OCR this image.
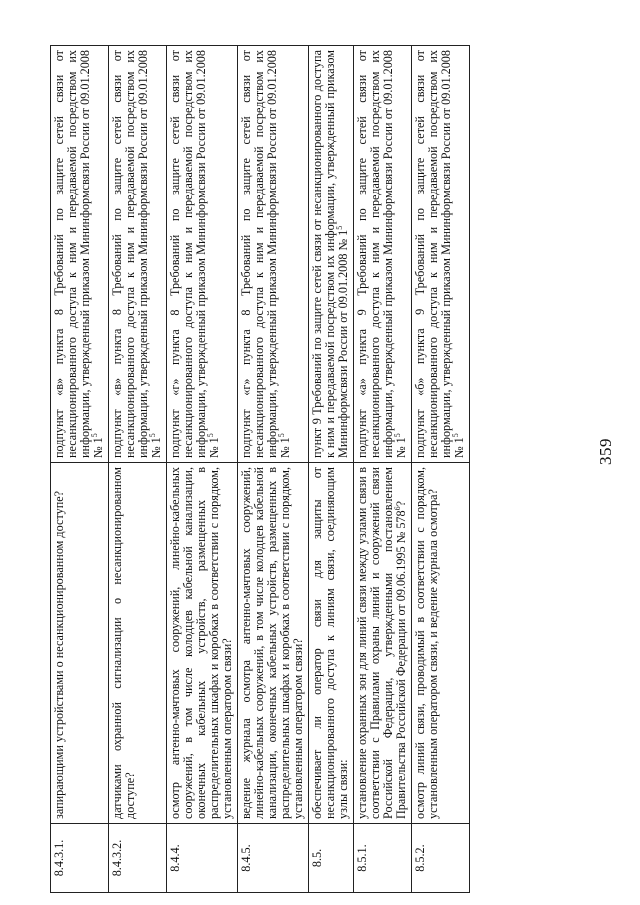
359
8.4.3.1.	запирающими устройствами о несанкционированном доступе?	подпункт «в» пункта 8 Требований по защите сетей связи от несанкционированного доступа к ним и передаваемой посредством их информации, утвержденный приказом Мининформсвязи России от 09.01.2008 № $1^5$
8.4.3.2.	датчиками охранной сигнализации о несанкционированном доступе?	подпункт «в» пункта 8 Требований по защите сетей связи от несанкционированного доступа к ним и передаваемой посредством их информации, утвержденный приказом Мининформсвязи России от 09.01.2008 № $1^5$
8.4.4.	осмотр антенно-мачтовых сооружений, линейно-кабельных сооружений, в том числе колодцев кабельной канализации, оконечных кабельных устройств, размещенных в распределительных шкафах и коробках в соответствии с порядком, установленным оператором связи?	подпункт «г» пункта 8 Требований по защите сетей связи от несанкционированного доступа к ним и передаваемой посредством их информации, утвержденный приказом Мининформсвязи России от 09.01.2008 № $1^5$
8.4.5.	ведение журнала осмотра антенно-мачтовых сооружений, линейно-кабельных сооружений, в том числе колодцев кабельной канализации, оконечных кабельных устройств, размещенных в распределительных шкафах и коробках в соответствии с порядком, установленным оператором связи?	подпункт «г» пункта 8 Требований по защите сетей связи от несанкционированного доступа к ним и передаваемой посредством их информации, утвержденный приказом Мининформсвязи России от 09.01.2008 № $1^5$
8.5.	обеспечивает ли оператор связи для защиты от несанкционированного доступа к линиям связи, соединяющим узлы связи:	пункт 9 Требований по защите сетей связи от несанкционированного доступа к ним и передаваемой посредством их информации, утвержденный приказом Мининформсвязи России от 09.01.2008 № $1^5$
8.5.1.	установление охранных зон для линий связи между узлами связи в соответствии с Правилами охраны линий и сооружений связи Российской Федерации, утвержденными постановлением Правительства Российской Федерации от 09.06.1995 № $578^6$?	подпункт «а» пункта 9 Требований по защите сетей связи от несанкционированного доступа к ним и передаваемой посредством их информации, утвержденный приказом Мининформсвязи России от 09.01.2008 № $1^5$
8.5.2.	осмотр линий связи, проводимый в соответствии с порядком, установленным оператором связи, и ведение журнала осмотра?	подпункт «б» пункта 9 Требований по защите сетей связи от несанкционированного доступа к ним и передаваемой посредством их информации, утвержденный приказом Мининформсвязи России от 09.01.2008 № $1^5$
